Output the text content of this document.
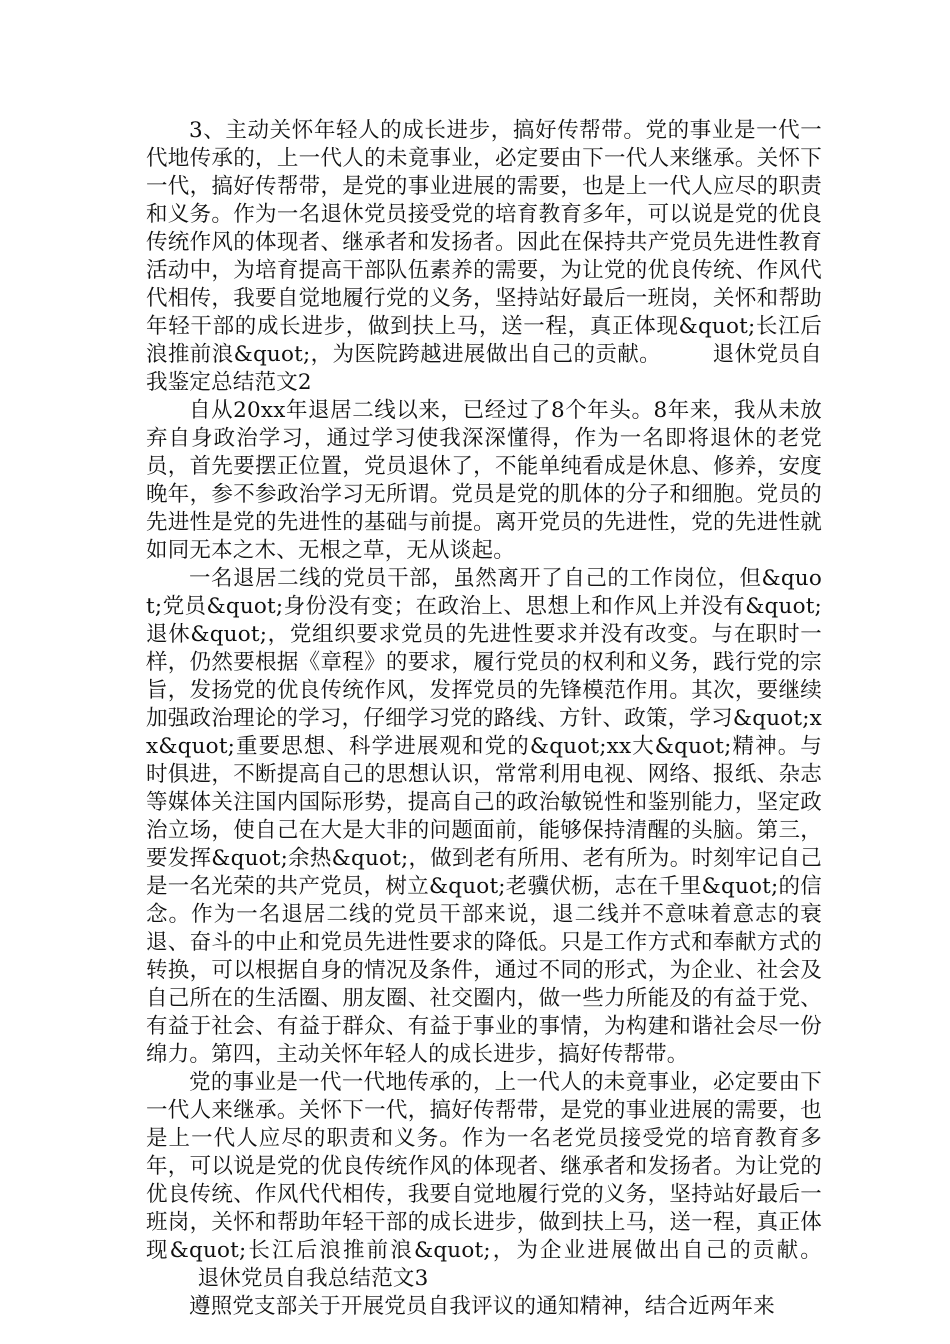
3、主动关怀年轻人的成长进步，搞好传帮带。党的事业是一代一代地传承的，上一代人的未竟事业，必定要由下一代人来继承。关怀下一代，搞好传帮带，是党的事业进展的需要，也是上一代人应尽的职责和义务。作为一名退休党员接受党的培育教育多年，可以说是党的优良传统作风的体现者、继承者和发扬者。因此在保持共产党员先进性教育活动中，为培育提高干部队伍素养的需要，为让党的优良传统、作风代代相传，我要自觉地履行党的义务，坚持站好最后一班岗，关怀和帮助年轻干部的成长进步，做到扶上马，送一程，真正体现&quot;长江后浪推前浪&quot;，为医院跨越进展做出自己的贡献。 退休党员自我鉴定总结范文2

自从20xx年退居二线以来，已经过了8个年头。8年来，我从未放弃自身政治学习，通过学习使我深深懂得，作为一名即将退休的老党员，首先要摆正位置，党员退休了，不能单纯看成是休息、修养，安度晚年，参不参政治学习无所谓。党员是党的肌体的分子和细胞。党员的先进性是党的先进性的基础与前提。离开党员的先进性，党的先进性就如同无本之木、无根之草，无从谈起。

一名退居二线的党员干部，虽然离开了自己的工作岗位，但&quot;党员&quot;身份没有变；在政治上、思想上和作风上并没有&quot;退休&quot;，党组织要求党员的先进性要求并没有改变。与在职时一样，仍然要根据《章程》的要求，履行党员的权利和义务，践行党的宗旨，发扬党的优良传统作风，发挥党员的先锋模范作用。其次，要继续加强政治理论的学习，仔细学习党的路线、方针、政策，学习&quot;xx&quot;重要思想、科学进展观和党的&quot;xx大&quot;精神。与时俱进，不断提高自己的思想认识，常常利用电视、网络、报纸、杂志等媒体关注国内国际形势，提高自己的政治敏锐性和鉴别能力，坚定政治立场，使自己在大是大非的问题面前，能够保持清醒的头脑。第三，要发挥&quot;余热&quot;，做到老有所用、老有所为。时刻牢记自己是一名光荣的共产党员，树立&quot;老骥伏枥，志在千里&quot;的信念。作为一名退居二线的党员干部来说，退二线并不意味着意志的衰退、奋斗的中止和党员先进性要求的降低。只是工作方式和奉献方式的转换，可以根据自身的情况及条件，通过不同的形式，为企业、社会及自己所在的生活圈、朋友圈、社交圈内，做一些力所能及的有益于党、有益于社会、有益于群众、有益于事业的事情，为构建和谐社会尽一份绵力。第四，主动关怀年轻人的成长进步，搞好传帮带。

党的事业是一代一代地传承的，上一代人的未竟事业，必定要由下一代人来继承。关怀下一代，搞好传帮带，是党的事业进展的需要，也是上一代人应尽的职责和义务。作为一名老党员接受党的培育教育多年，可以说是党的优良传统作风的体现者、继承者和发扬者。为让党的优良传统、作风代代相传，我要自觉地履行党的义务，坚持站好最后一班岗，关怀和帮助年轻干部的成长进步，做到扶上马，送一程，真正体现&quot;长江后浪推前浪&quot;，为企业进展做出自己的贡献。退休党员自我总结范文3

遵照党支部关于开展党员自我评议的通知精神，结合近两年来
